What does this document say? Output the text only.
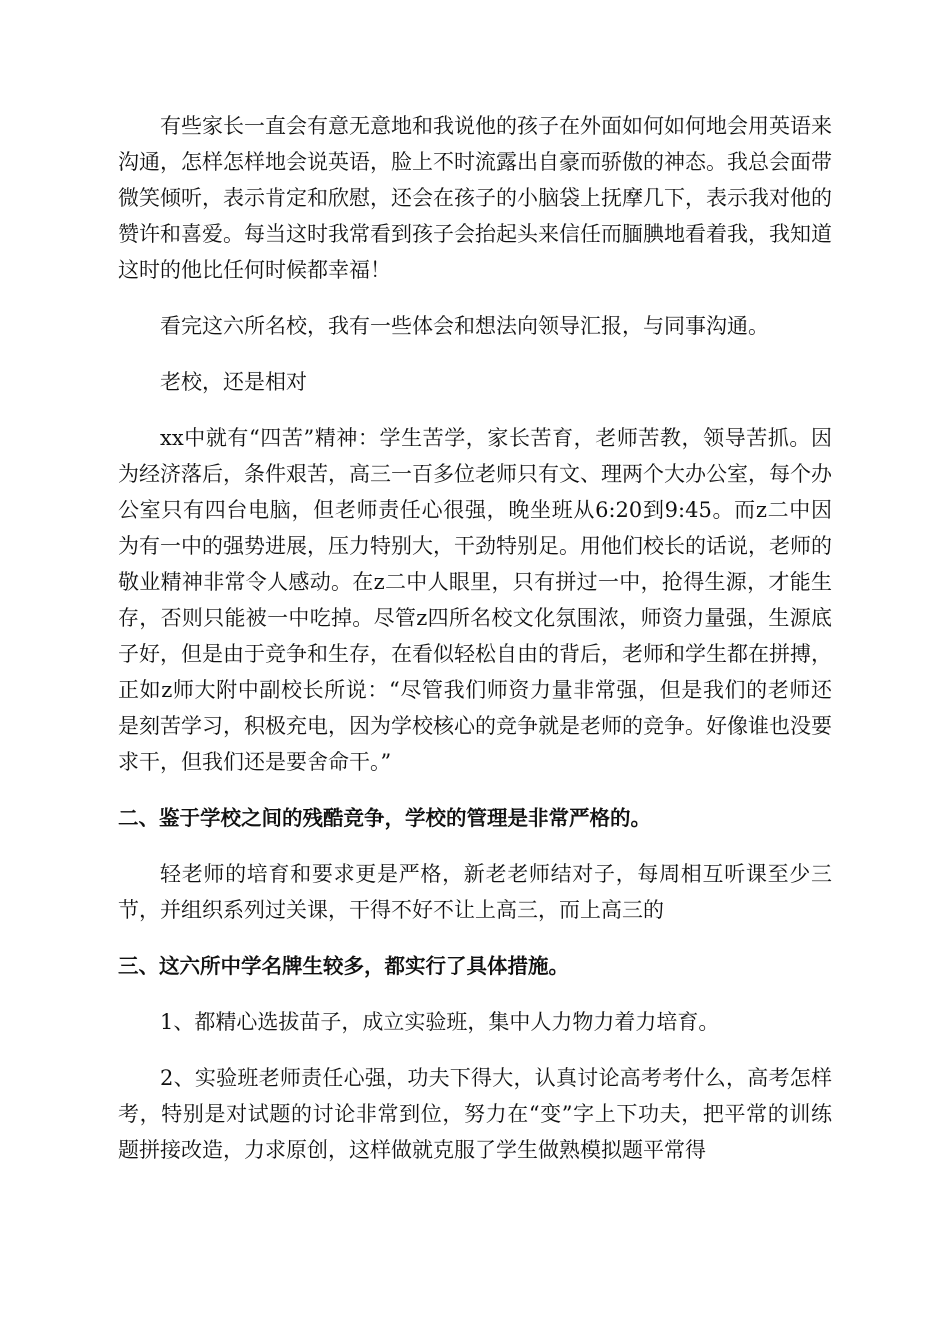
有些家长一直会有意无意地和我说他的孩子在外面如何如何地会用英语来沟通，怎样怎样地会说英语，脸上不时流露出自豪而骄傲的神态。我总会面带微笑倾听，表示肯定和欣慰，还会在孩子的小脑袋上抚摩几下，表示我对他的赞许和喜爱。每当这时我常看到孩子会抬起头来信任而腼腆地看着我，我知道这时的他比任何时候都幸福！

看完这六所名校，我有一些体会和想法向领导汇报，与同事沟通。

老校，还是相对

xx中就有“四苦”精神：学生苦学，家长苦育，老师苦教，领导苦抓。因为经济落后，条件艰苦，高三一百多位老师只有文、理两个大办公室，每个办公室只有四台电脑，但老师责任心很强，晚坐班从6:20到9:45。而z二中因为有一中的强势进展，压力特别大，干劲特别足。用他们校长的话说，老师的敬业精神非常令人感动。在z二中人眼里，只有拼过一中，抢得生源，才能生存，否则只能被一中吃掉。尽管z四所名校文化氛围浓，师资力量强，生源底子好，但是由于竞争和生存，在看似轻松自由的背后，老师和学生都在拼搏，正如z师大附中副校长所说：“尽管我们师资力量非常强，但是我们的老师还是刻苦学习，积极充电，因为学校核心的竞争就是老师的竞争。好像谁也没要求干，但我们还是要舍命干。”

二、鉴于学校之间的残酷竞争，学校的管理是非常严格的。

轻老师的培育和要求更是严格，新老老师结对子，每周相互听课至少三节，并组织系列过关课，干得不好不让上高三，而上高三的

三、这六所中学名牌生较多，都实行了具体措施。

1、都精心选拔苗子，成立实验班，集中人力物力着力培育。

2、实验班老师责任心强，功夫下得大，认真讨论高考考什么，高考怎样考，特别是对试题的讨论非常到位，努力在“变”字上下功夫，把平常的训练题拼接改造，力求原创，这样做就克服了学生做熟模拟题平常得
